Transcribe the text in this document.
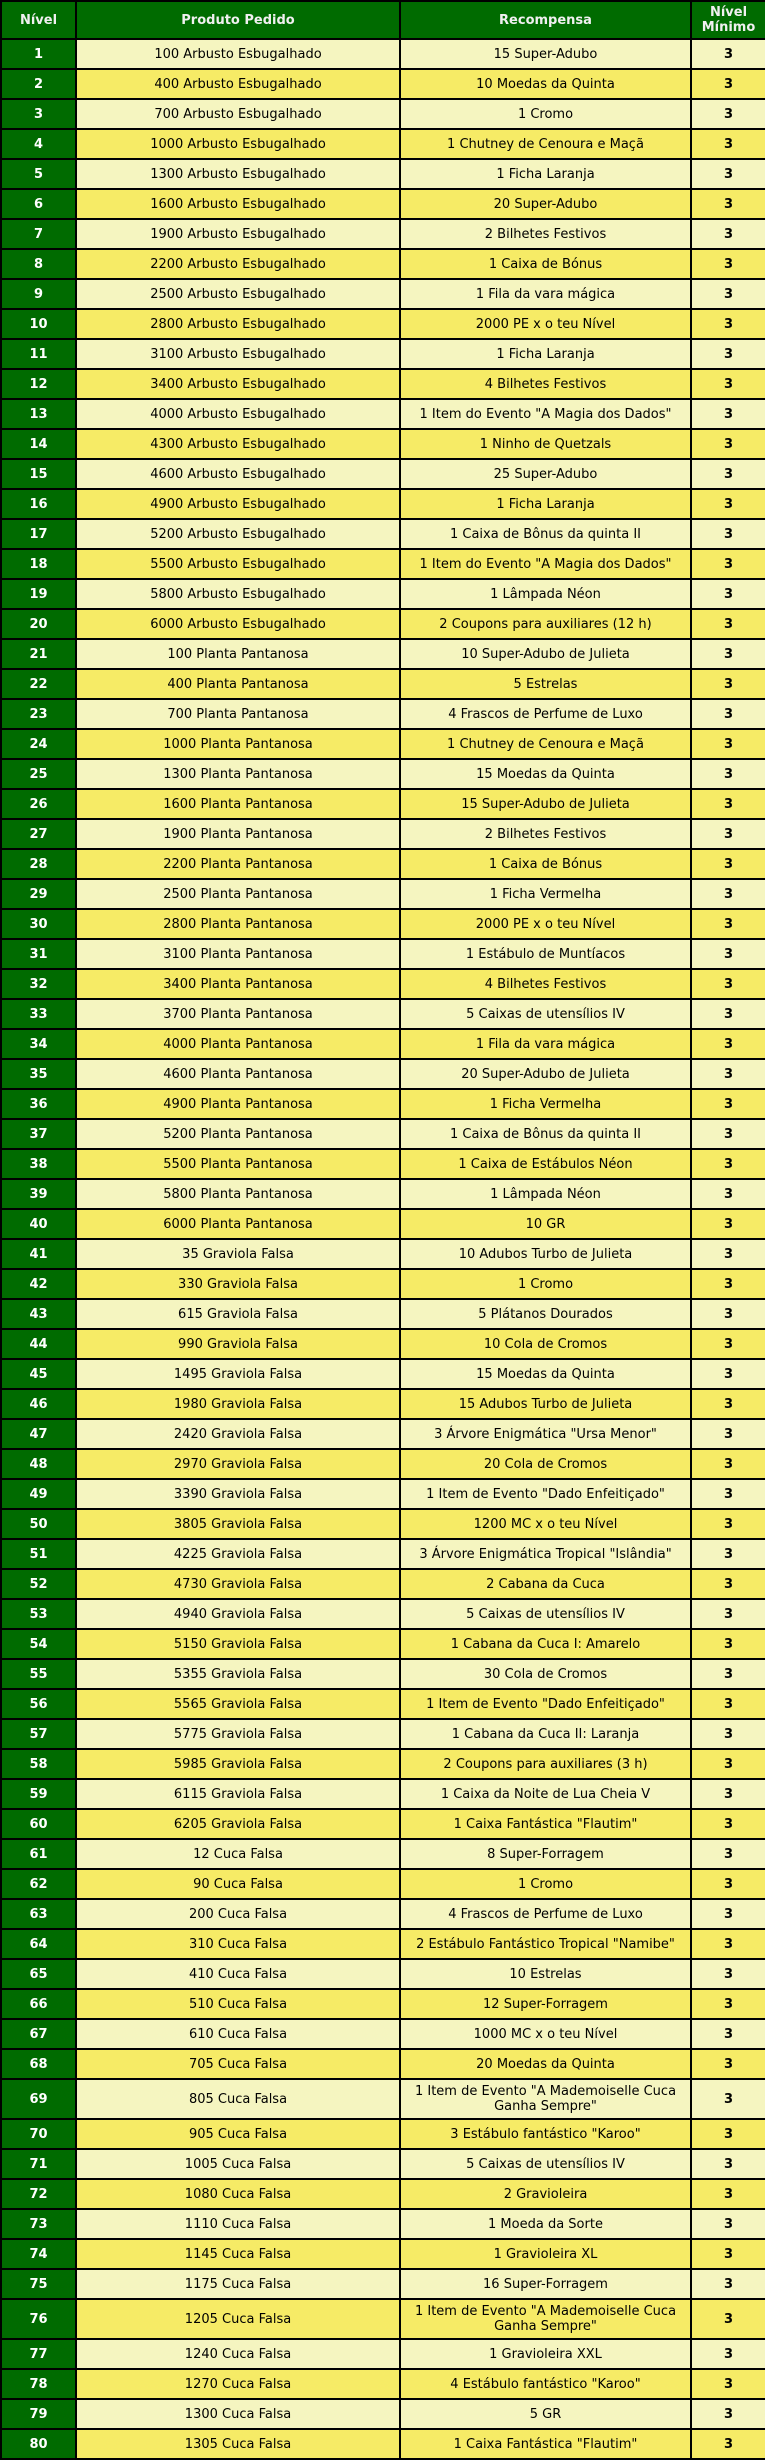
Nível	Produto Pedido	Recompensa	Nível Mínimo
1	100 Arbusto Esbugalhado	15 Super-Adubo	3
2	400 Arbusto Esbugalhado	10 Moedas da Quinta	3
3	700 Arbusto Esbugalhado	1 Cromo	3
4	1000 Arbusto Esbugalhado	1 Chutney de Cenoura e Maçã	3
5	1300 Arbusto Esbugalhado	1 Ficha Laranja	3
6	1600 Arbusto Esbugalhado	20 Super-Adubo	3
7	1900 Arbusto Esbugalhado	2 Bilhetes Festivos	3
8	2200 Arbusto Esbugalhado	1 Caixa de Bónus	3
9	2500 Arbusto Esbugalhado	1 Fila da vara mágica	3
10	2800 Arbusto Esbugalhado	2000 PE x o teu Nível	3
11	3100 Arbusto Esbugalhado	1 Ficha Laranja	3
12	3400 Arbusto Esbugalhado	4 Bilhetes Festivos	3
13	4000 Arbusto Esbugalhado	1 Item do Evento "A Magia dos Dados"	3
14	4300 Arbusto Esbugalhado	1 Ninho de Quetzals	3
15	4600 Arbusto Esbugalhado	25 Super-Adubo	3
16	4900 Arbusto Esbugalhado	1 Ficha Laranja	3
17	5200 Arbusto Esbugalhado	1 Caixa de Bônus da quinta II	3
18	5500 Arbusto Esbugalhado	1 Item do Evento "A Magia dos Dados"	3
19	5800 Arbusto Esbugalhado	1 Lâmpada Néon	3
20	6000 Arbusto Esbugalhado	2 Coupons para auxiliares (12 h)	3
21	100 Planta Pantanosa	10 Super-Adubo de Julieta	3
22	400 Planta Pantanosa	5 Estrelas	3
23	700 Planta Pantanosa	4 Frascos de Perfume de Luxo	3
24	1000 Planta Pantanosa	1 Chutney de Cenoura e Maçã	3
25	1300 Planta Pantanosa	15 Moedas da Quinta	3
26	1600 Planta Pantanosa	15 Super-Adubo de Julieta	3
27	1900 Planta Pantanosa	2 Bilhetes Festivos	3
28	2200 Planta Pantanosa	1 Caixa de Bónus	3
29	2500 Planta Pantanosa	1 Ficha Vermelha	3
30	2800 Planta Pantanosa	2000 PE x o teu Nível	3
31	3100 Planta Pantanosa	1 Estábulo de Muntíacos	3
32	3400 Planta Pantanosa	4 Bilhetes Festivos	3
33	3700 Planta Pantanosa	5 Caixas de utensílios IV	3
34	4000 Planta Pantanosa	1 Fila da vara mágica	3
35	4600 Planta Pantanosa	20 Super-Adubo de Julieta	3
36	4900 Planta Pantanosa	1 Ficha Vermelha	3
37	5200 Planta Pantanosa	1 Caixa de Bônus da quinta II	3
38	5500 Planta Pantanosa	1 Caixa de Estábulos Néon	3
39	5800 Planta Pantanosa	1 Lâmpada Néon	3
40	6000 Planta Pantanosa	10 GR	3
41	35 Graviola Falsa	10 Adubos Turbo de Julieta	3
42	330 Graviola Falsa	1 Cromo	3
43	615 Graviola Falsa	5 Plátanos Dourados	3
44	990 Graviola Falsa	10 Cola de Cromos	3
45	1495 Graviola Falsa	15 Moedas da Quinta	3
46	1980 Graviola Falsa	15 Adubos Turbo de Julieta	3
47	2420 Graviola Falsa	3 Árvore Enigmática "Ursa Menor"	3
48	2970 Graviola Falsa	20 Cola de Cromos	3
49	3390 Graviola Falsa	1 Item de Evento "Dado Enfeitiçado"	3
50	3805 Graviola Falsa	1200 MC x o teu Nível	3
51	4225 Graviola Falsa	3 Árvore Enigmática Tropical "Islândia"	3
52	4730 Graviola Falsa	2 Cabana da Cuca	3
53	4940 Graviola Falsa	5 Caixas de utensílios IV	3
54	5150 Graviola Falsa	1 Cabana da Cuca I: Amarelo	3
55	5355 Graviola Falsa	30 Cola de Cromos	3
56	5565 Graviola Falsa	1 Item de Evento "Dado Enfeitiçado"	3
57	5775 Graviola Falsa	1 Cabana da Cuca II: Laranja	3
58	5985 Graviola Falsa	2 Coupons para auxiliares (3 h)	3
59	6115 Graviola Falsa	1 Caixa da Noite de Lua Cheia V	3
60	6205 Graviola Falsa	1 Caixa Fantástica "Flautim"	3
61	12 Cuca Falsa	8 Super-Forragem	3
62	90 Cuca Falsa	1 Cromo	3
63	200 Cuca Falsa	4 Frascos de Perfume de Luxo	3
64	310 Cuca Falsa	2 Estábulo Fantástico Tropical "Namibe"	3
65	410 Cuca Falsa	10 Estrelas	3
66	510 Cuca Falsa	12 Super-Forragem	3
67	610 Cuca Falsa	1000 MC x o teu Nível	3
68	705 Cuca Falsa	20 Moedas da Quinta	3
69	805 Cuca Falsa	1 Item de Evento "A Mademoiselle Cuca Ganha Sempre"	3
70	905 Cuca Falsa	3 Estábulo fantástico "Karoo"	3
71	1005 Cuca Falsa	5 Caixas de utensílios IV	3
72	1080 Cuca Falsa	2 Gravioleira	3
73	1110 Cuca Falsa	1 Moeda da Sorte	3
74	1145 Cuca Falsa	1 Gravioleira XL	3
75	1175 Cuca Falsa	16 Super-Forragem	3
76	1205 Cuca Falsa	1 Item de Evento "A Mademoiselle Cuca Ganha Sempre"	3
77	1240 Cuca Falsa	1 Gravioleira XXL	3
78	1270 Cuca Falsa	4 Estábulo fantástico "Karoo"	3
79	1300 Cuca Falsa	5 GR	3
80	1305 Cuca Falsa	1 Caixa Fantástica "Flautim"	3
